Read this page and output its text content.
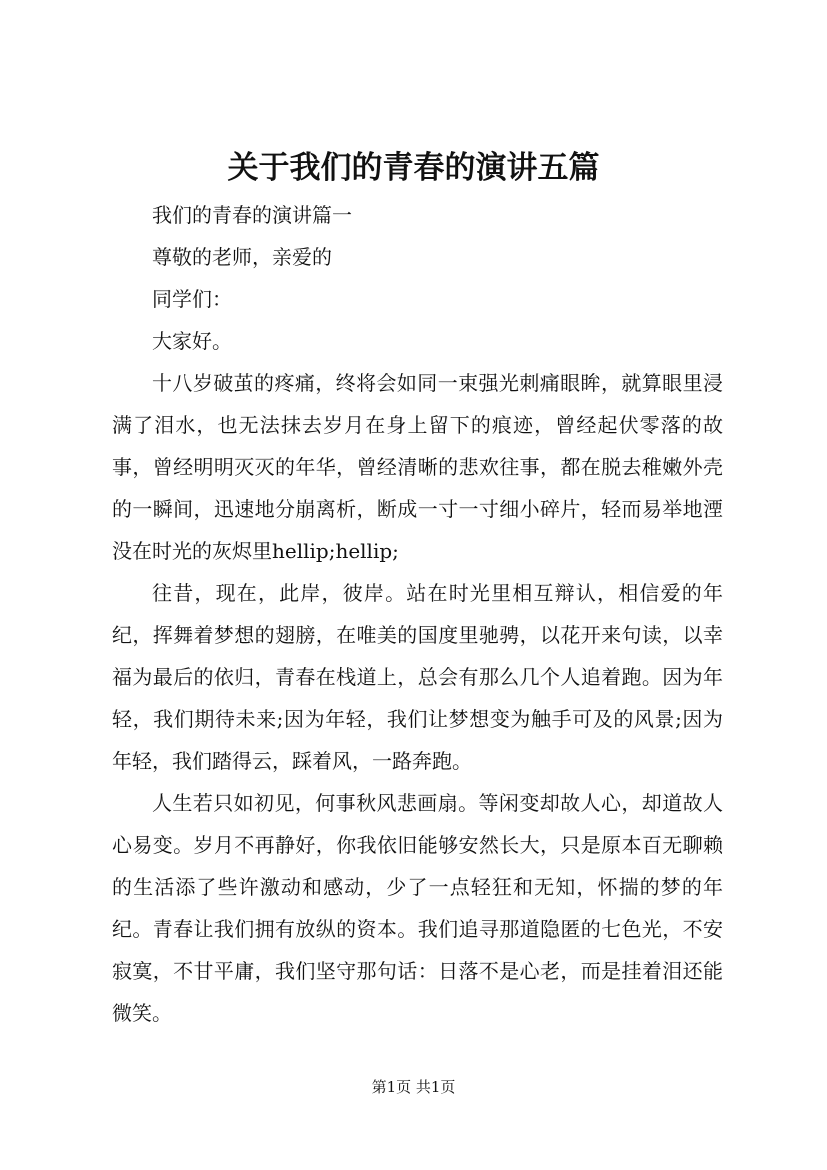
关于我们的青春的演讲五篇

我们的青春的演讲篇一

尊敬的老师，亲爱的

同学们：

大家好。

十八岁破茧的疼痛，终将会如同一束强光刺痛眼眸，就算眼里浸满了泪水，也无法抹去岁月在身上留下的痕迹，曾经起伏零落的故事，曾经明明灭灭的年华，曾经清晰的悲欢往事，都在脱去稚嫩外壳的一瞬间，迅速地分崩离析，断成一寸一寸细小碎片，轻而易举地湮没在时光的灰烬里hellip;hellip;

往昔，现在，此岸，彼岸。站在时光里相互辩认，相信爱的年纪，挥舞着梦想的翅膀，在唯美的国度里驰骋，以花开来句读，以幸福为最后的依归，青春在栈道上，总会有那么几个人追着跑。因为年轻，我们期待未来;因为年轻，我们让梦想变为触手可及的风景;因为年轻，我们踏得云，踩着风，一路奔跑。

人生若只如初见，何事秋风悲画扇。等闲变却故人心，却道故人心易变。岁月不再静好，你我依旧能够安然长大，只是原本百无聊赖的生活添了些许激动和感动，少了一点轻狂和无知，怀揣的梦的年纪。青春让我们拥有放纵的资本。我们追寻那道隐匿的七色光，不安寂寞，不甘平庸，我们坚守那句话：日落不是心老，而是挂着泪还能微笑。

第1页 共1页
